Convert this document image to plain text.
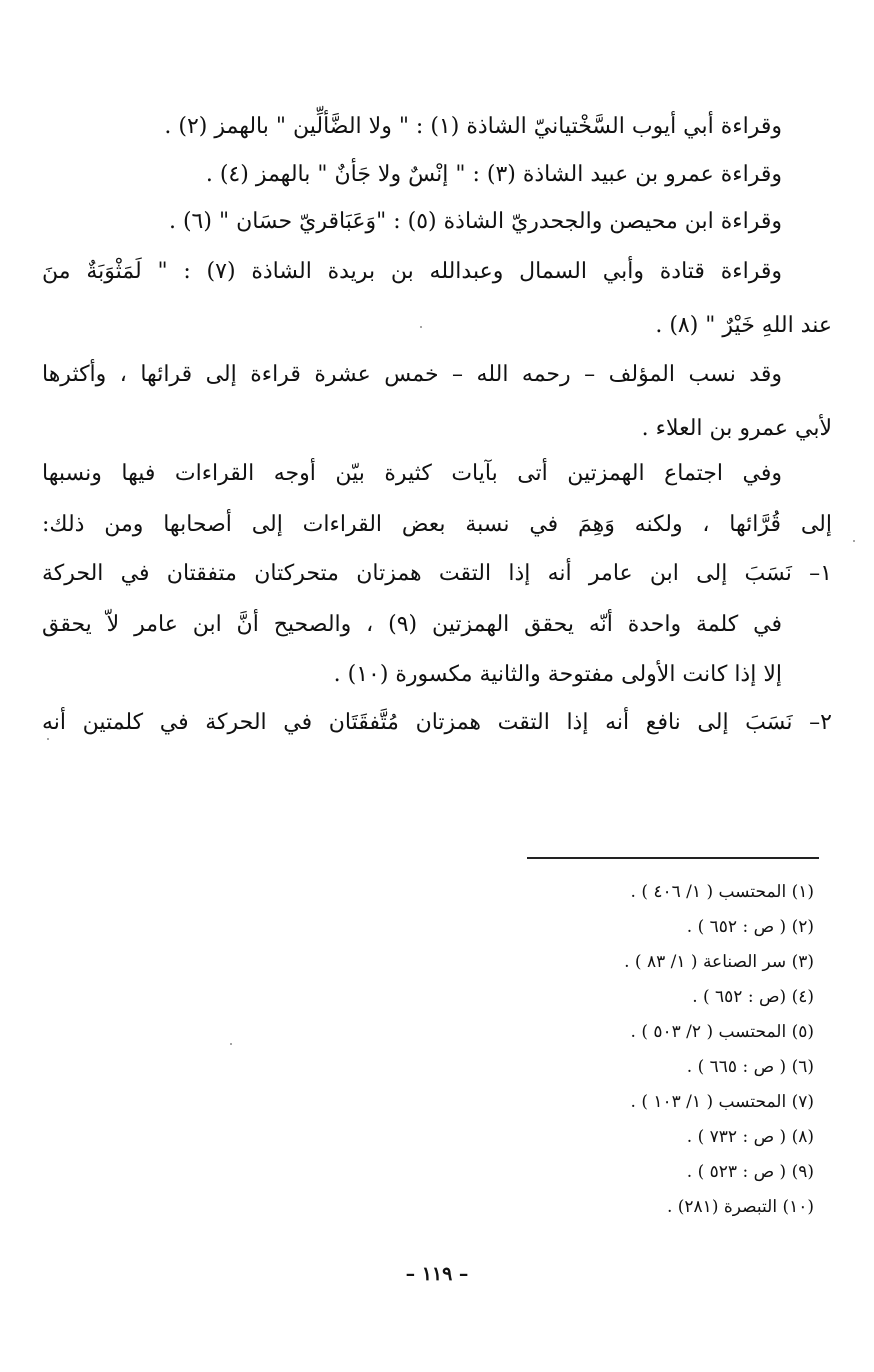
وقراءة أبي أيوب السَّخْتيانيّ الشاذة (١) : " ولا الضَّألِّين " بالهمز (٢) .
وقراءة عمرو بن عبيد الشاذة (٣) : " إنْسٌ ولا جَأنٌ " بالهمز (٤) .
وقراءة ابن محيصن والجحدريّ الشاذة (٥) : "وَعَبَاقريّ حسَان " (٦) .
وقراءة قتادة وأبي السمال وعبدالله بن بريدة الشاذة (٧) : " لَمَثْوَبَةٌ منَ
عند اللهِ خَيْرٌ " (٨) .
وقد نسب المؤلف – رحمه الله – خمس عشرة قراءة إلى قرائها ، وأكثرها
لأبي عمرو بن العلاء .
وفي اجتماع الهمزتين أتى بآيات كثيرة بيّن أوجه القراءات فيها ونسبها
إلى قُرَّائها ، ولكنه وَهِمَ في نسبة بعض القراءات إلى أصحابها ومن ذلك:
١– نَسَبَ إلى ابن عامر أنه إذا التقت همزتان متحركتان متفقتان في الحركة
في كلمة واحدة أنّه يحقق الهمزتين (٩) ، والصحيح أنَّ ابن عامر لاّ يحقق
إلا إذا كانت الأولى مفتوحة والثانية مكسورة (١٠) .
٢– نَسَبَ إلى نافع أنه إذا التقت همزتان مُتَّفقَتَان في الحركة في كلمتين أنه
(١) المحتسب ( ١/ ٤٠٦ ) .
(٢) ( ص : ٦٥٢ ) .
(٣) سر الصناعة ( ١/ ٨٣ ) .
(٤) (ص : ٦٥٢ ) .
(٥) المحتسب ( ٢/ ٥٠٣ ) .
(٦) ( ص : ٦٦٥ ) .
(٧) المحتسب ( ١/ ١٠٣ ) .
(٨) ( ص : ٧٣٢ ) .
(٩) ( ص : ٥٢٣ ) .
(١٠) التبصرة (٢٨١) .
– ١١٩ –
